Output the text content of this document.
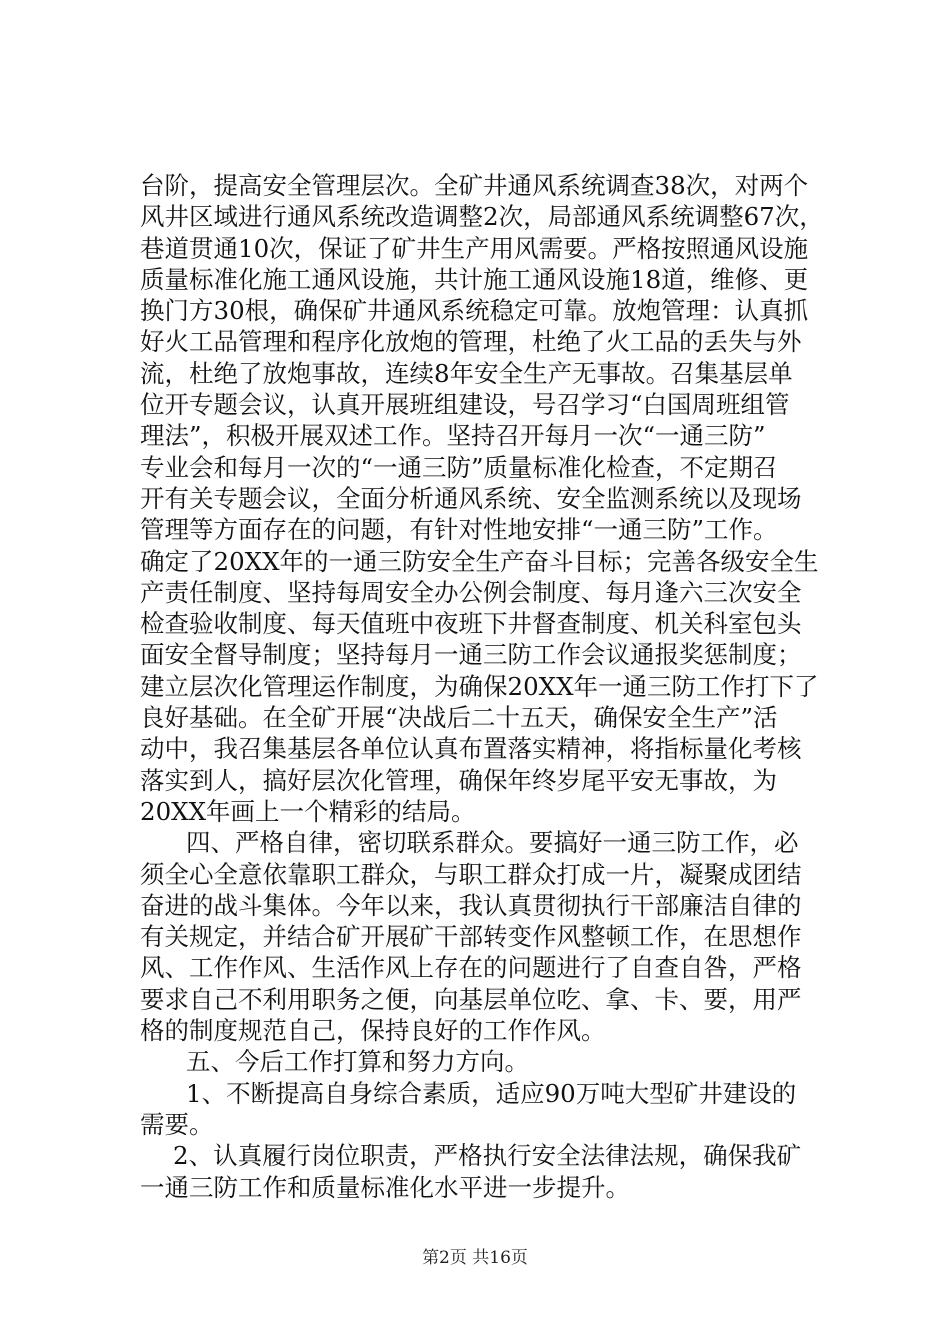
台阶，提高安全管理层次。全矿井通风系统调查38次，对两个
风井区域进行通风系统改造调整2次，局部通风系统调整67次，
巷道贯通10次，保证了矿井生产用风需要。严格按照通风设施
质量标准化施工通风设施，共计施工通风设施18道，维修、更
换门方30根，确保矿井通风系统稳定可靠。放炮管理：认真抓
好火工品管理和程序化放炮的管理，杜绝了火工品的丢失与外
流，杜绝了放炮事故，连续8年安全生产无事故。召集基层单
位开专题会议，认真开展班组建设，号召学习“白国周班组管
理法”，积极开展双述工作。坚持召开每月一次“一通三防”
专业会和每月一次的“一通三防”质量标准化检查，不定期召
开有关专题会议，全面分析通风系统、安全监测系统以及现场
管理等方面存在的问题，有针对性地安排“一通三防”工作。
确定了20XX年的一通三防安全生产奋斗目标；完善各级安全生
产责任制度、坚持每周安全办公例会制度、每月逢六三次安全
检查验收制度、每天值班中夜班下井督查制度、机关科室包头
面安全督导制度；坚持每月一通三防工作会议通报奖惩制度；
建立层次化管理运作制度，为确保20XX年一通三防工作打下了
良好基础。在全矿开展“决战后二十五天，确保安全生产”活
动中，我召集基层各单位认真布置落实精神，将指标量化考核
落实到人，搞好层次化管理，确保年终岁尾平安无事故，为
20XX年画上一个精彩的结局。
四、严格自律，密切联系群众。要搞好一通三防工作，必
须全心全意依靠职工群众，与职工群众打成一片，凝聚成团结
奋进的战斗集体。今年以来，我认真贯彻执行干部廉洁自律的
有关规定，并结合矿开展矿干部转变作风整顿工作，在思想作
风、工作作风、生活作风上存在的问题进行了自查自咎，严格
要求自己不利用职务之便，向基层单位吃、拿、卡、要，用严
格的制度规范自己，保持良好的工作作风。
五、今后工作打算和努力方向。
1、不断提高自身综合素质，适应90万吨大型矿井建设的
需要。
2、认真履行岗位职责，严格执行安全法律法规，确保我矿
一通三防工作和质量标准化水平进一步提升。
第2页 共16页
